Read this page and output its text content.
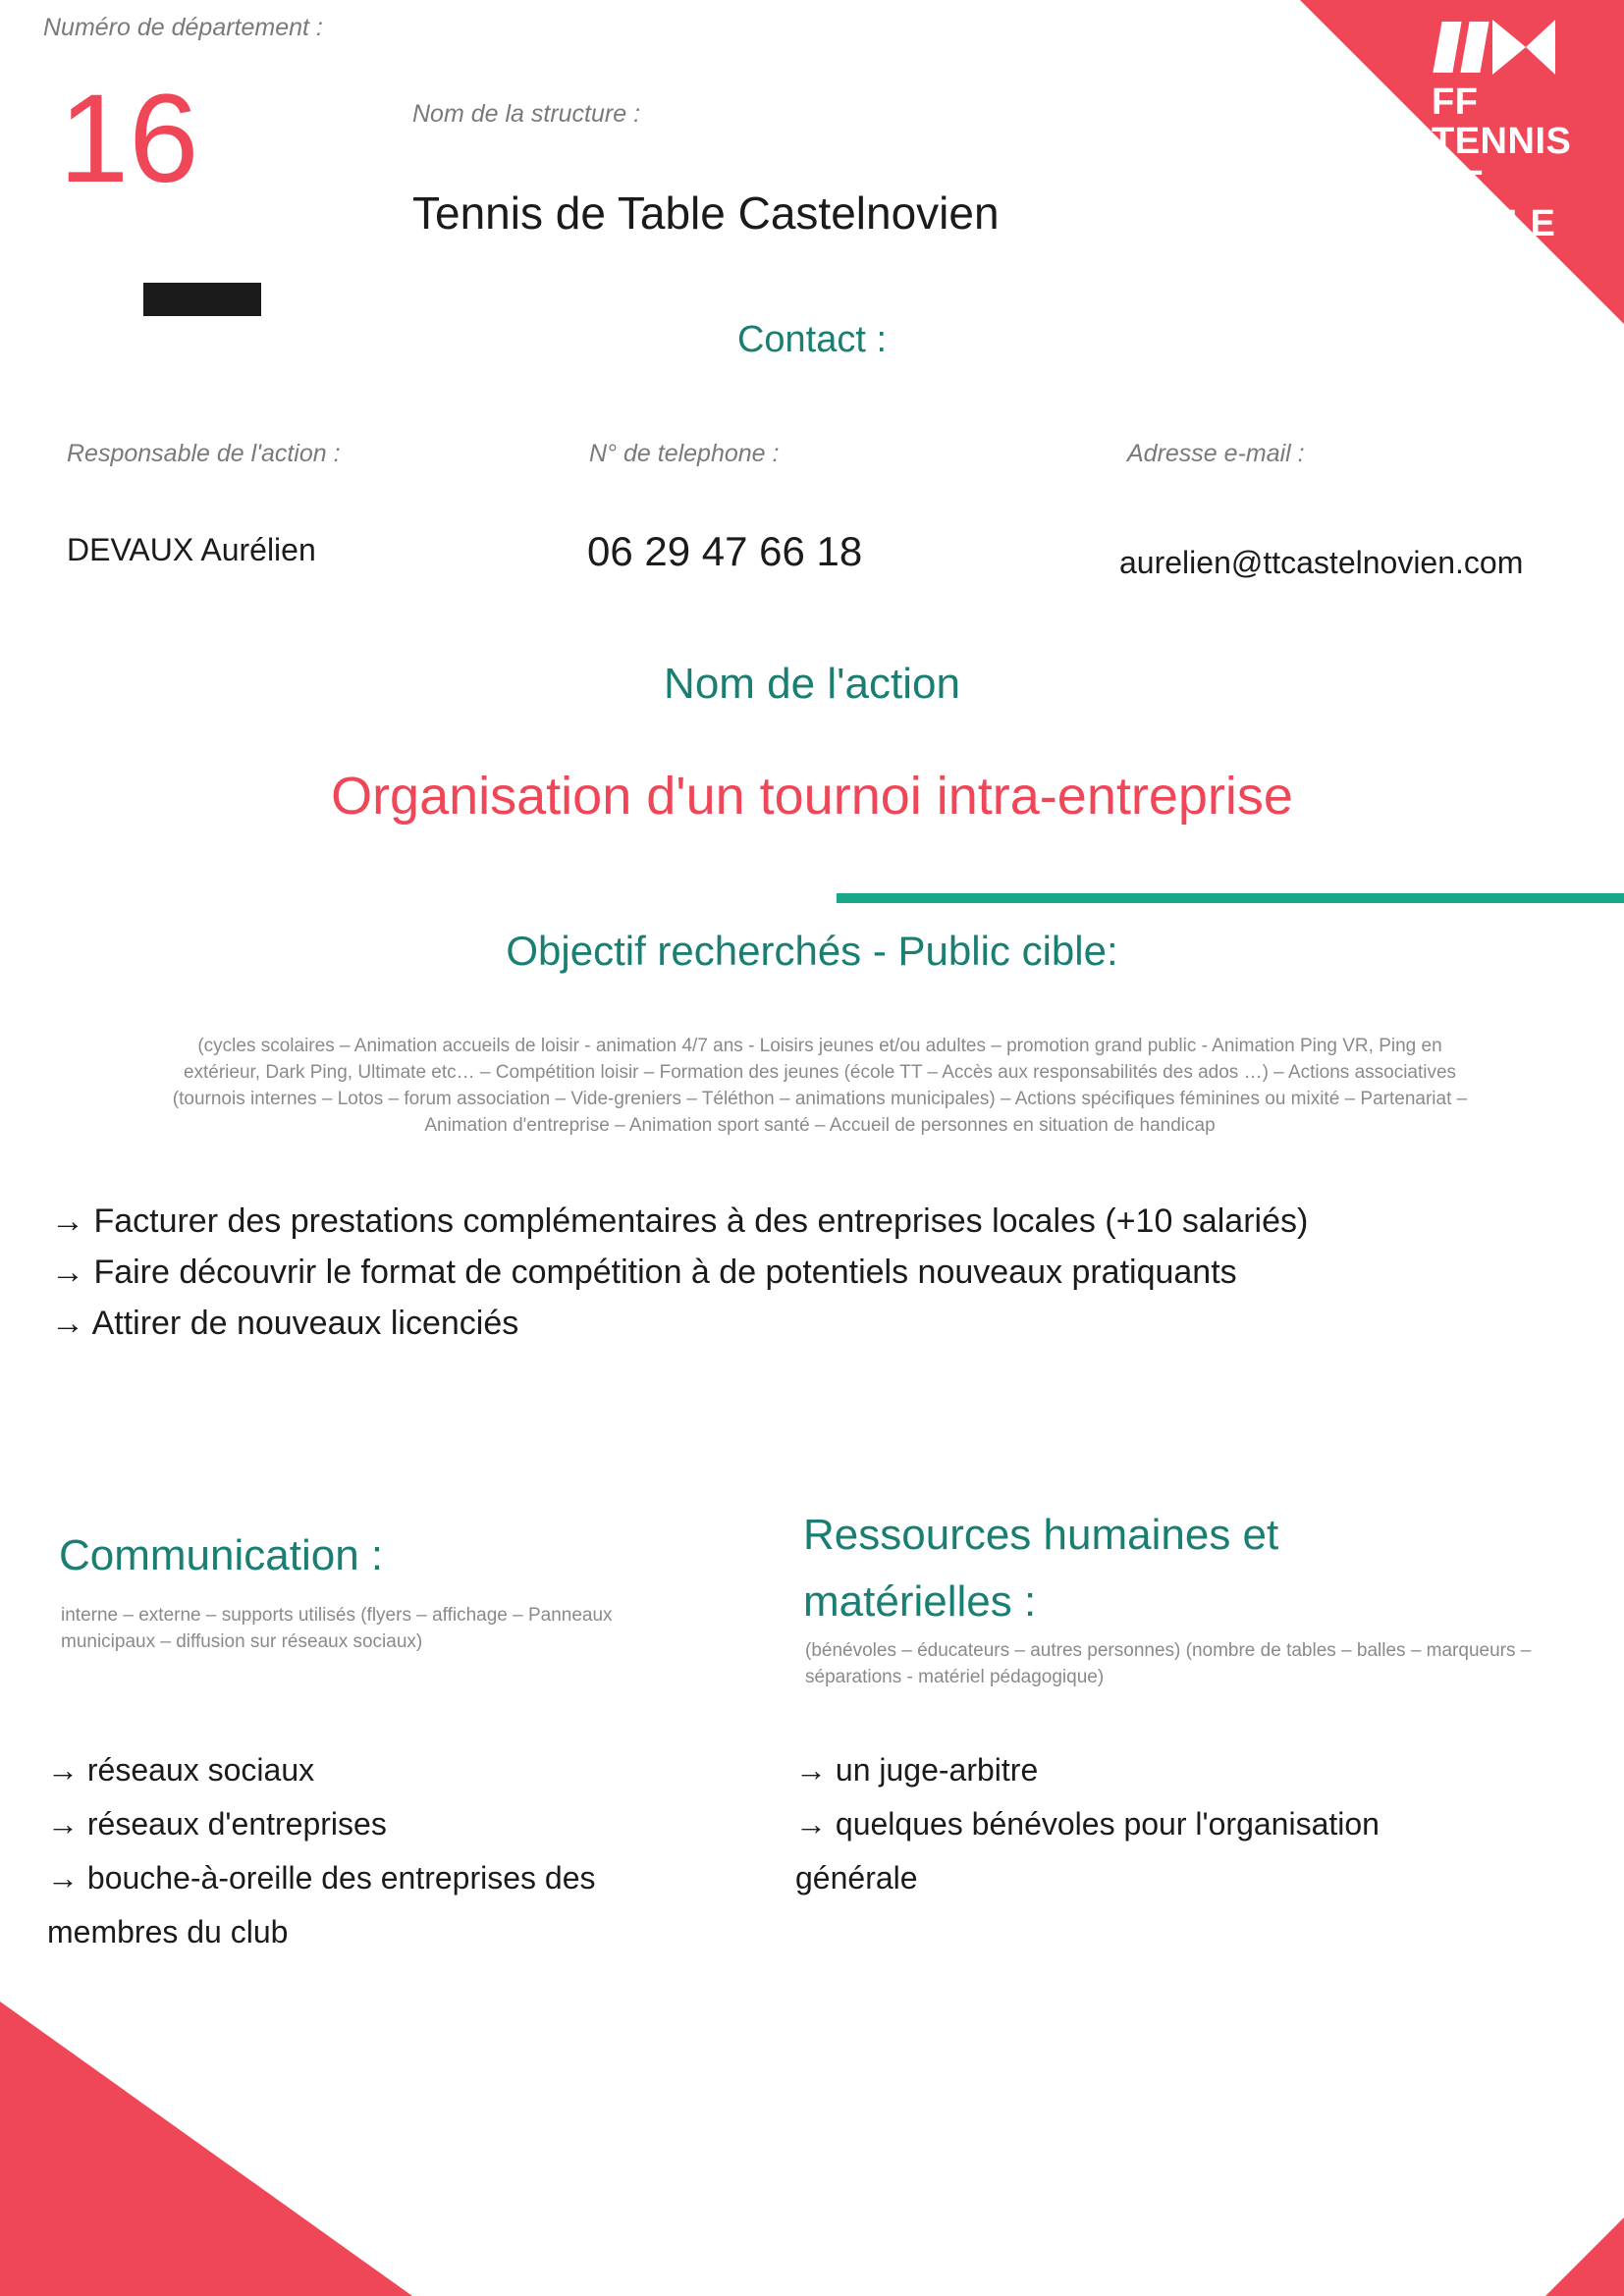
FF TENNIS
DE TABLE
Numéro de département :
16	Nom de la structure :
Tennis de Table Castelnovien
Contact :
Responsable de l'action :
DEVAUX Aurélien
N° de telephone :
06 29 47 66 18
Adresse e-mail :
aurelien@ttcastelnovien.com
Nom de l'action
Organisation d'un tournoi intra-entreprise
Objectif recherchés - Public cible:
(cycles scolaires – Animation accueils de loisir - animation 4/7 ans - Loisirs jeunes et/ou adultes – promotion grand public - Animation Ping VR, Ping en extérieur, Dark Ping, Ultimate etc… – Compétition loisir – Formation des jeunes (école TT – Accès aux responsabilités des ados …) – Actions associatives (tournois internes – Lotos – forum association – Vide-greniers – Téléthon – animations municipales) – Actions spécifiques féminines ou mixité – Partenariat – Animation d'entreprise – Animation sport santé – Accueil de personnes en situation de handicap
→ Facturer des prestations complémentaires à des entreprises locales (+10 salariés)
→ Faire découvrir le format de compétition à de potentiels nouveaux pratiquants
→ Attirer de nouveaux licenciés
Communication :
interne – externe – supports utilisés (flyers – affichage – Panneaux municipaux – diffusion sur réseaux sociaux)
→ réseaux sociaux
→ réseaux d'entreprises
→ bouche-à-oreille des entreprises des membres du club
Ressources humaines et matérielles :
(bénévoles – éducateurs – autres personnes) (nombre de tables – balles – marqueurs – séparations - matériel pédagogique)
→ un juge-arbitre
→ quelques bénévoles pour l'organisation générale
